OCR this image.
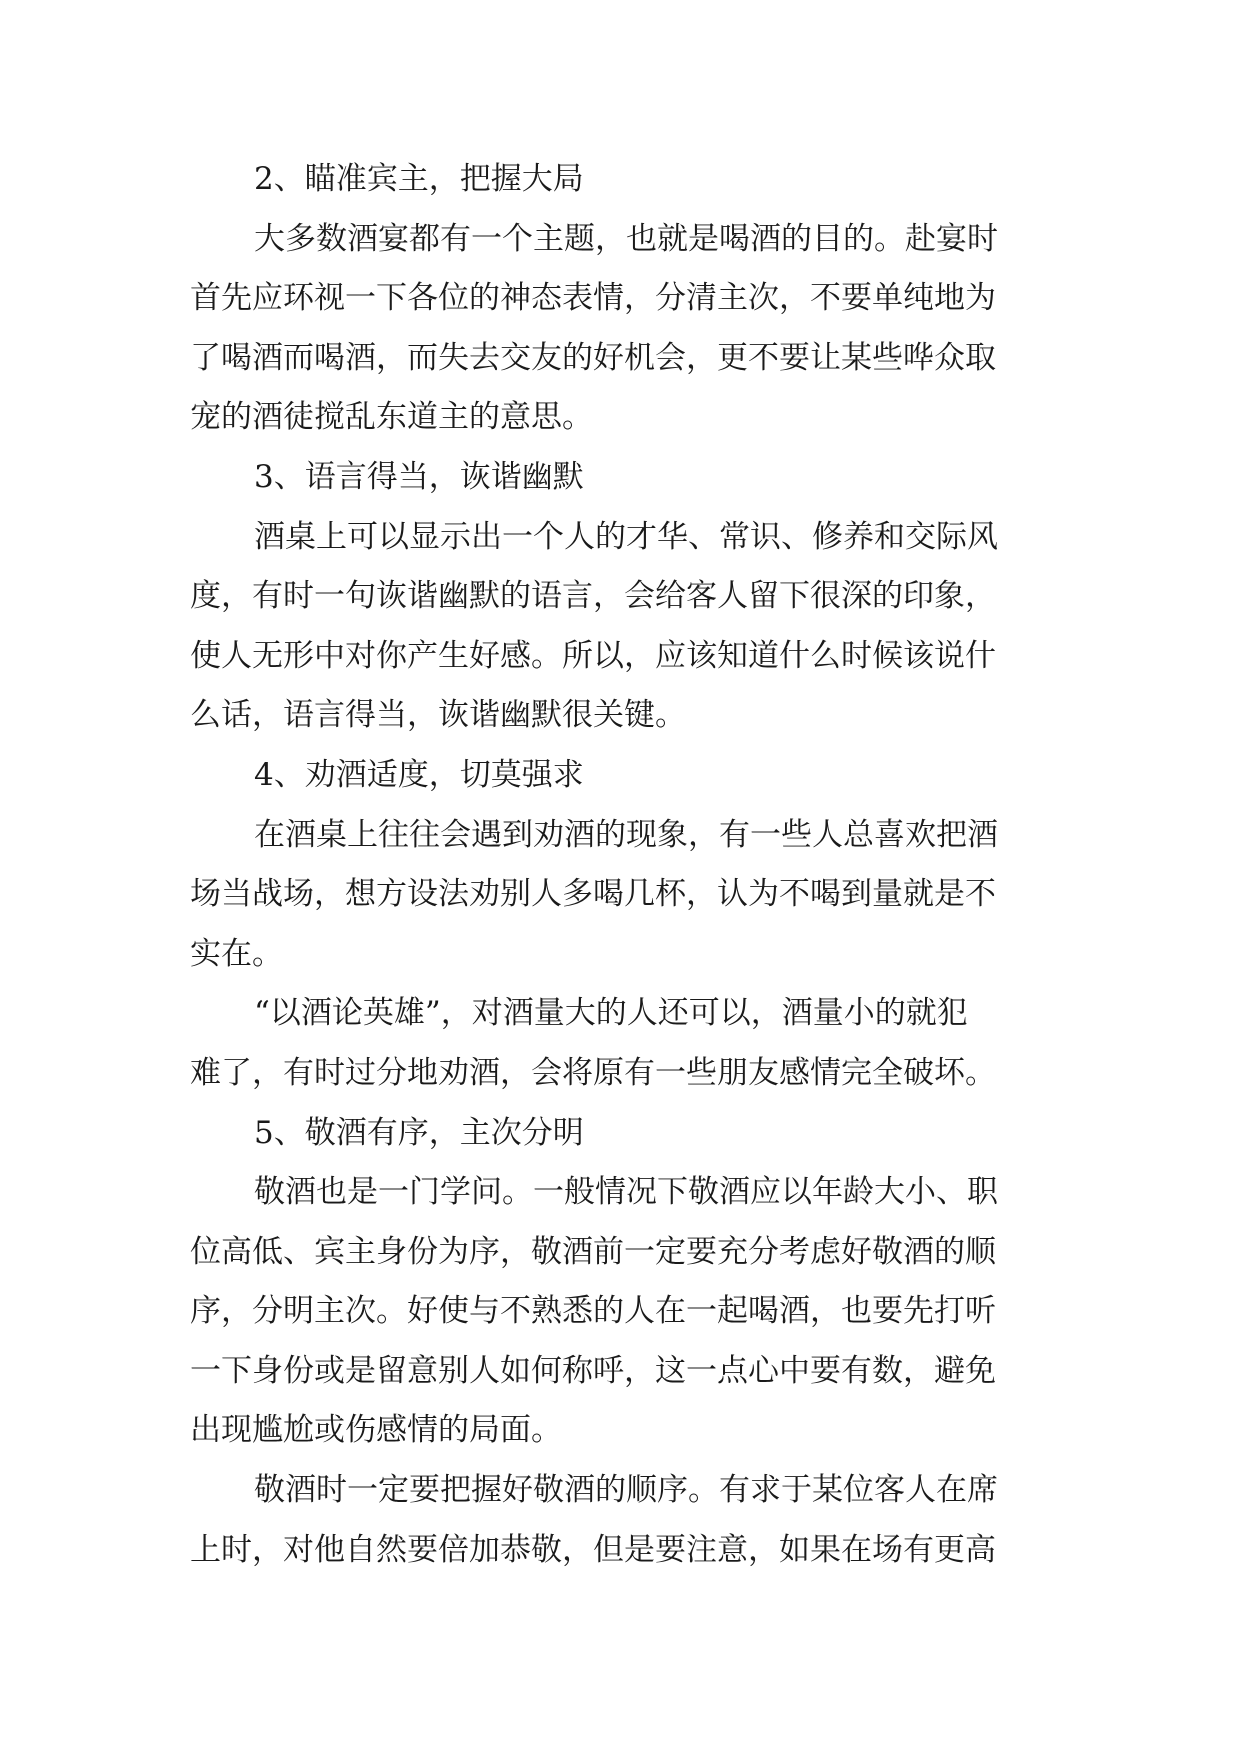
2、瞄准宾主，把握大局
大多数酒宴都有一个主题，也就是喝酒的目的。赴宴时
首先应环视一下各位的神态表情，分清主次，不要单纯地为
了喝酒而喝酒，而失去交友的好机会，更不要让某些哗众取
宠的酒徒搅乱东道主的意思。
3、语言得当，诙谐幽默
酒桌上可以显示出一个人的才华、常识、修养和交际风
度，有时一句诙谐幽默的语言，会给客人留下很深的印象，
使人无形中对你产生好感。所以，应该知道什么时候该说什
么话，语言得当，诙谐幽默很关键。
4、劝酒适度，切莫强求
在酒桌上往往会遇到劝酒的现象，有一些人总喜欢把酒
场当战场，想方设法劝别人多喝几杯，认为不喝到量就是不
实在。
“以酒论英雄”，对酒量大的人还可以，酒量小的就犯
难了，有时过分地劝酒，会将原有一些朋友感情完全破坏。
5、敬酒有序，主次分明
敬酒也是一门学问。一般情况下敬酒应以年龄大小、职
位高低、宾主身份为序，敬酒前一定要充分考虑好敬酒的顺
序，分明主次。好使与不熟悉的人在一起喝酒，也要先打听
一下身份或是留意别人如何称呼，这一点心中要有数，避免
出现尴尬或伤感情的局面。
敬酒时一定要把握好敬酒的顺序。有求于某位客人在席
上时，对他自然要倍加恭敬，但是要注意，如果在场有更高
